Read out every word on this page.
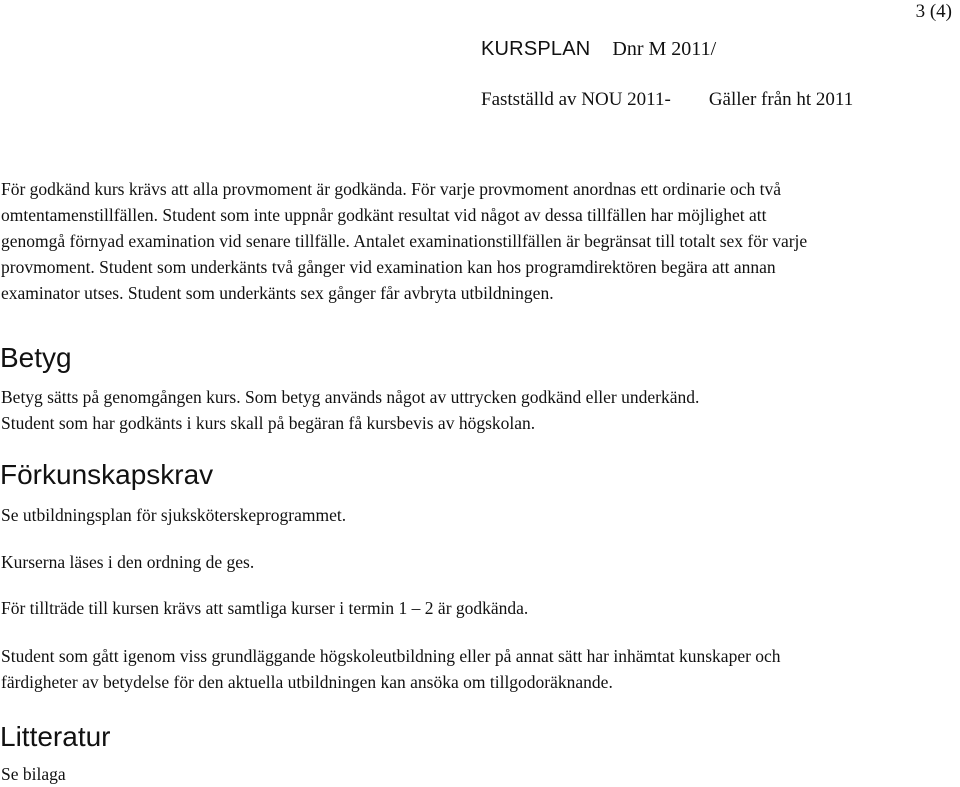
3 (4)
KURSPLAN Dnr M 2011/
Fastställd av NOU 2011- Gäller från ht 2011
För godkänd kurs krävs att alla provmoment är godkända. För varje provmoment anordnas ett ordinarie och två
omtentamenstillfällen. Student som inte uppnår godkänt resultat vid något av dessa tillfällen har möjlighet att
genomgå förnyad examination vid senare tillfälle. Antalet examinationstillfällen är begränsat till totalt sex för varje
provmoment. Student som underkänts två gånger vid examination kan hos programdirektören begära att annan
examinator utses. Student som underkänts sex gånger får avbryta utbildningen.
Betyg
Betyg sätts på genomgången kurs. Som betyg används något av uttrycken godkänd eller underkänd.
Student som har godkänts i kurs skall på begäran få kursbevis av högskolan.
Förkunskapskrav
Se utbildningsplan för sjuksköterskeprogrammet.
Kurserna läses i den ordning de ges.
För tillträde till kursen krävs att samtliga kurser i termin 1 – 2 är godkända.
Student som gått igenom viss grundläggande högskoleutbildning eller på annat sätt har inhämtat kunskaper och
färdigheter av betydelse för den aktuella utbildningen kan ansöka om tillgodoräknande.
Litteratur
Se bilaga
